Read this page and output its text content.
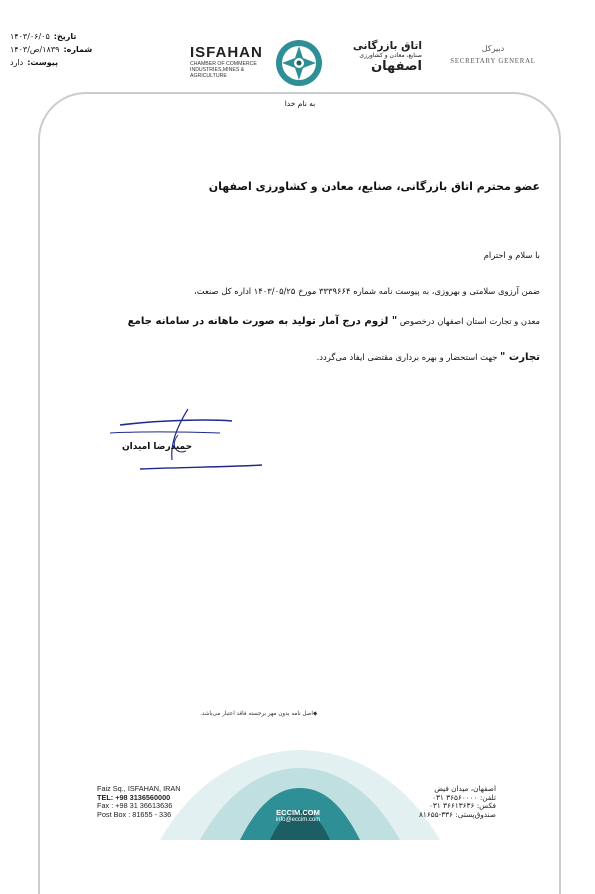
تاریخ:
۱۴۰۳/۰۶/۰۵
شماره:
۱۸۳۹/ص/۱۴۰۳
پیوست:
دارد
ISFAHAN
CHAMBER OF COMMERCE
INDUSTRIES,MINES & AGRICULTURE
اتاق بازرگانی
صنایع، معادن و کشاورزی
اصفهان
دبیرکل
SECRETARY GENERAL
به نام خدا
عضو محترم اتاق بازرگانی، صنایع، معادن و کشاورزی اصفهان
با سلام و احترام
ضمن آرزوی سلامتی و بهروزی، به پیوست نامه شماره ۳۳۳۹۶۶۴ مورخ ۱۴۰۳/۰۵/۲۵ اداره کل صنعت،
معدن و تجارت استان اصفهان درخصوص " لزوم درج آمار تولید به صورت ماهانه در سامانه جامع
تجارت " جهت استحضار و بهره برداری مقتضی ایفاد می‌گردد.
حمیدرضا امیدان
◆اصل نامه بدون مهر برجسته فاقد اعتبار می‌باشد.
ECCIM.COM
info@eccim.com
Faiz Sq., ISFAHAN, IRAN
TEL: +98 3136560000
Fax : +98 31 36613636
Post Box : 81655 - 336
اصفهان، میدان فیض
تلفن: ۳۶۵۶۰۰۰۰ ۰۳۱
فکس: ۳۶۶۱۳۶۳۶ ۰۳۱
صندوق‌پستی: ۳۳۶-۸۱۶۵۵
